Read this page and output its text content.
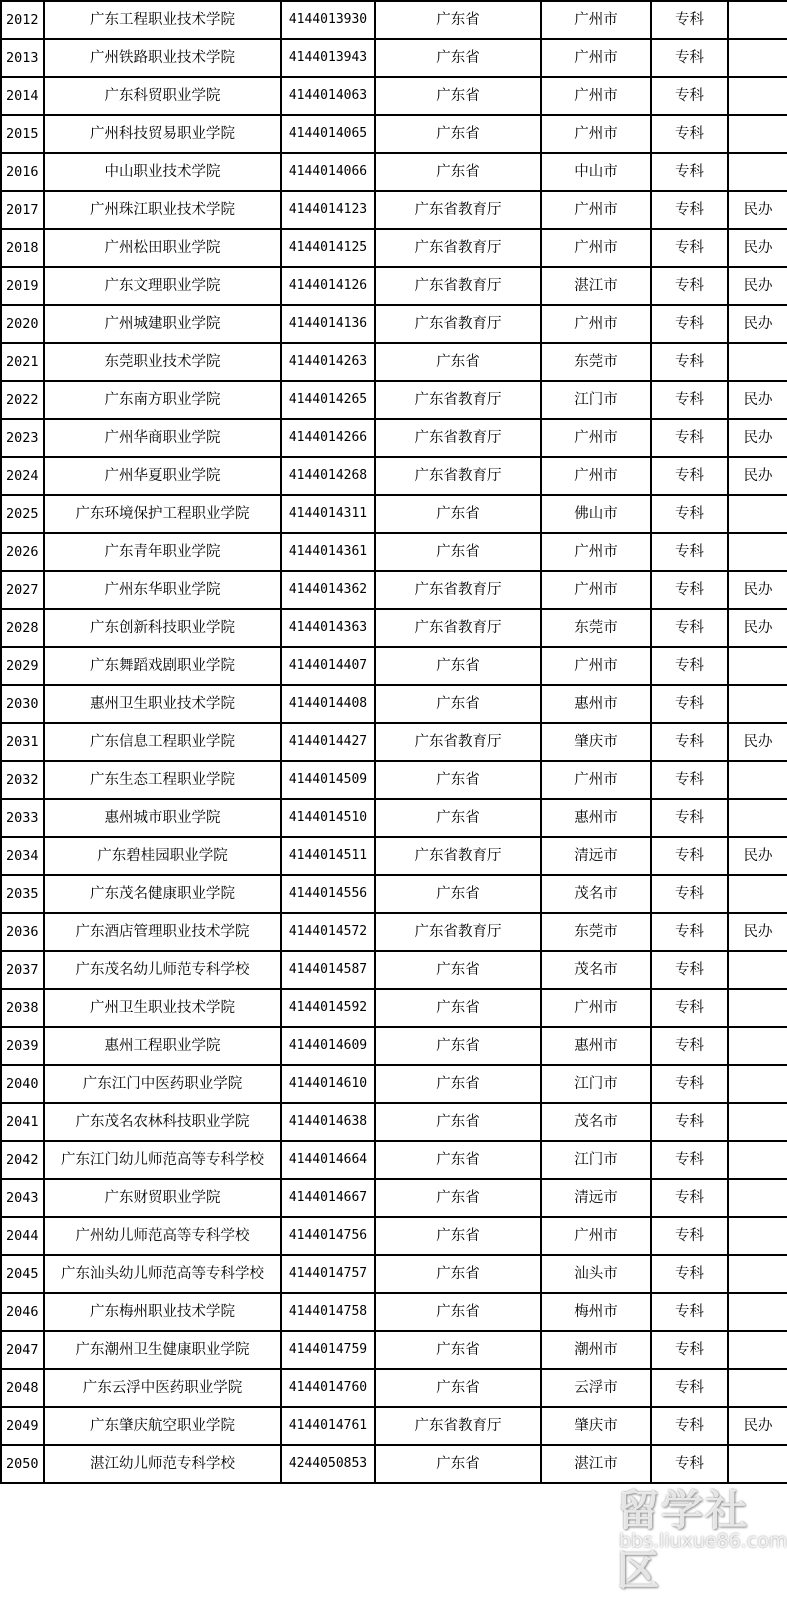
2012	广东工程职业技术学院	4144013930	广东省	广州市	专科	
2013	广州铁路职业技术学院	4144013943	广东省	广州市	专科	
2014	广东科贸职业学院	4144014063	广东省	广州市	专科	
2015	广州科技贸易职业学院	4144014065	广东省	广州市	专科	
2016	中山职业技术学院	4144014066	广东省	中山市	专科	
2017	广州珠江职业技术学院	4144014123	广东省教育厅	广州市	专科	民办
2018	广州松田职业学院	4144014125	广东省教育厅	广州市	专科	民办
2019	广东文理职业学院	4144014126	广东省教育厅	湛江市	专科	民办
2020	广州城建职业学院	4144014136	广东省教育厅	广州市	专科	民办
2021	东莞职业技术学院	4144014263	广东省	东莞市	专科	
2022	广东南方职业学院	4144014265	广东省教育厅	江门市	专科	民办
2023	广州华商职业学院	4144014266	广东省教育厅	广州市	专科	民办
2024	广州华夏职业学院	4144014268	广东省教育厅	广州市	专科	民办
2025	广东环境保护工程职业学院	4144014311	广东省	佛山市	专科	
2026	广东青年职业学院	4144014361	广东省	广州市	专科	
2027	广州东华职业学院	4144014362	广东省教育厅	广州市	专科	民办
2028	广东创新科技职业学院	4144014363	广东省教育厅	东莞市	专科	民办
2029	广东舞蹈戏剧职业学院	4144014407	广东省	广州市	专科	
2030	惠州卫生职业技术学院	4144014408	广东省	惠州市	专科	
2031	广东信息工程职业学院	4144014427	广东省教育厅	肇庆市	专科	民办
2032	广东生态工程职业学院	4144014509	广东省	广州市	专科	
2033	惠州城市职业学院	4144014510	广东省	惠州市	专科	
2034	广东碧桂园职业学院	4144014511	广东省教育厅	清远市	专科	民办
2035	广东茂名健康职业学院	4144014556	广东省	茂名市	专科	
2036	广东酒店管理职业技术学院	4144014572	广东省教育厅	东莞市	专科	民办
2037	广东茂名幼儿师范专科学校	4144014587	广东省	茂名市	专科	
2038	广州卫生职业技术学院	4144014592	广东省	广州市	专科	
2039	惠州工程职业学院	4144014609	广东省	惠州市	专科	
2040	广东江门中医药职业学院	4144014610	广东省	江门市	专科	
2041	广东茂名农林科技职业学院	4144014638	广东省	茂名市	专科	
2042	广东江门幼儿师范高等专科学校	4144014664	广东省	江门市	专科	
2043	广东财贸职业学院	4144014667	广东省	清远市	专科	
2044	广州幼儿师范高等专科学校	4144014756	广东省	广州市	专科	
2045	广东汕头幼儿师范高等专科学校	4144014757	广东省	汕头市	专科	
2046	广东梅州职业技术学院	4144014758	广东省	梅州市	专科	
2047	广东潮州卫生健康职业学院	4144014759	广东省	潮州市	专科	
2048	广东云浮中医药职业学院	4144014760	广东省	云浮市	专科	
2049	广东肇庆航空职业学院	4144014761	广东省教育厅	肇庆市	专科	民办
2050	湛江幼儿师范专科学校	4244050853	广东省	湛江市	专科	
留学社区
bbs.liuxue86.com
